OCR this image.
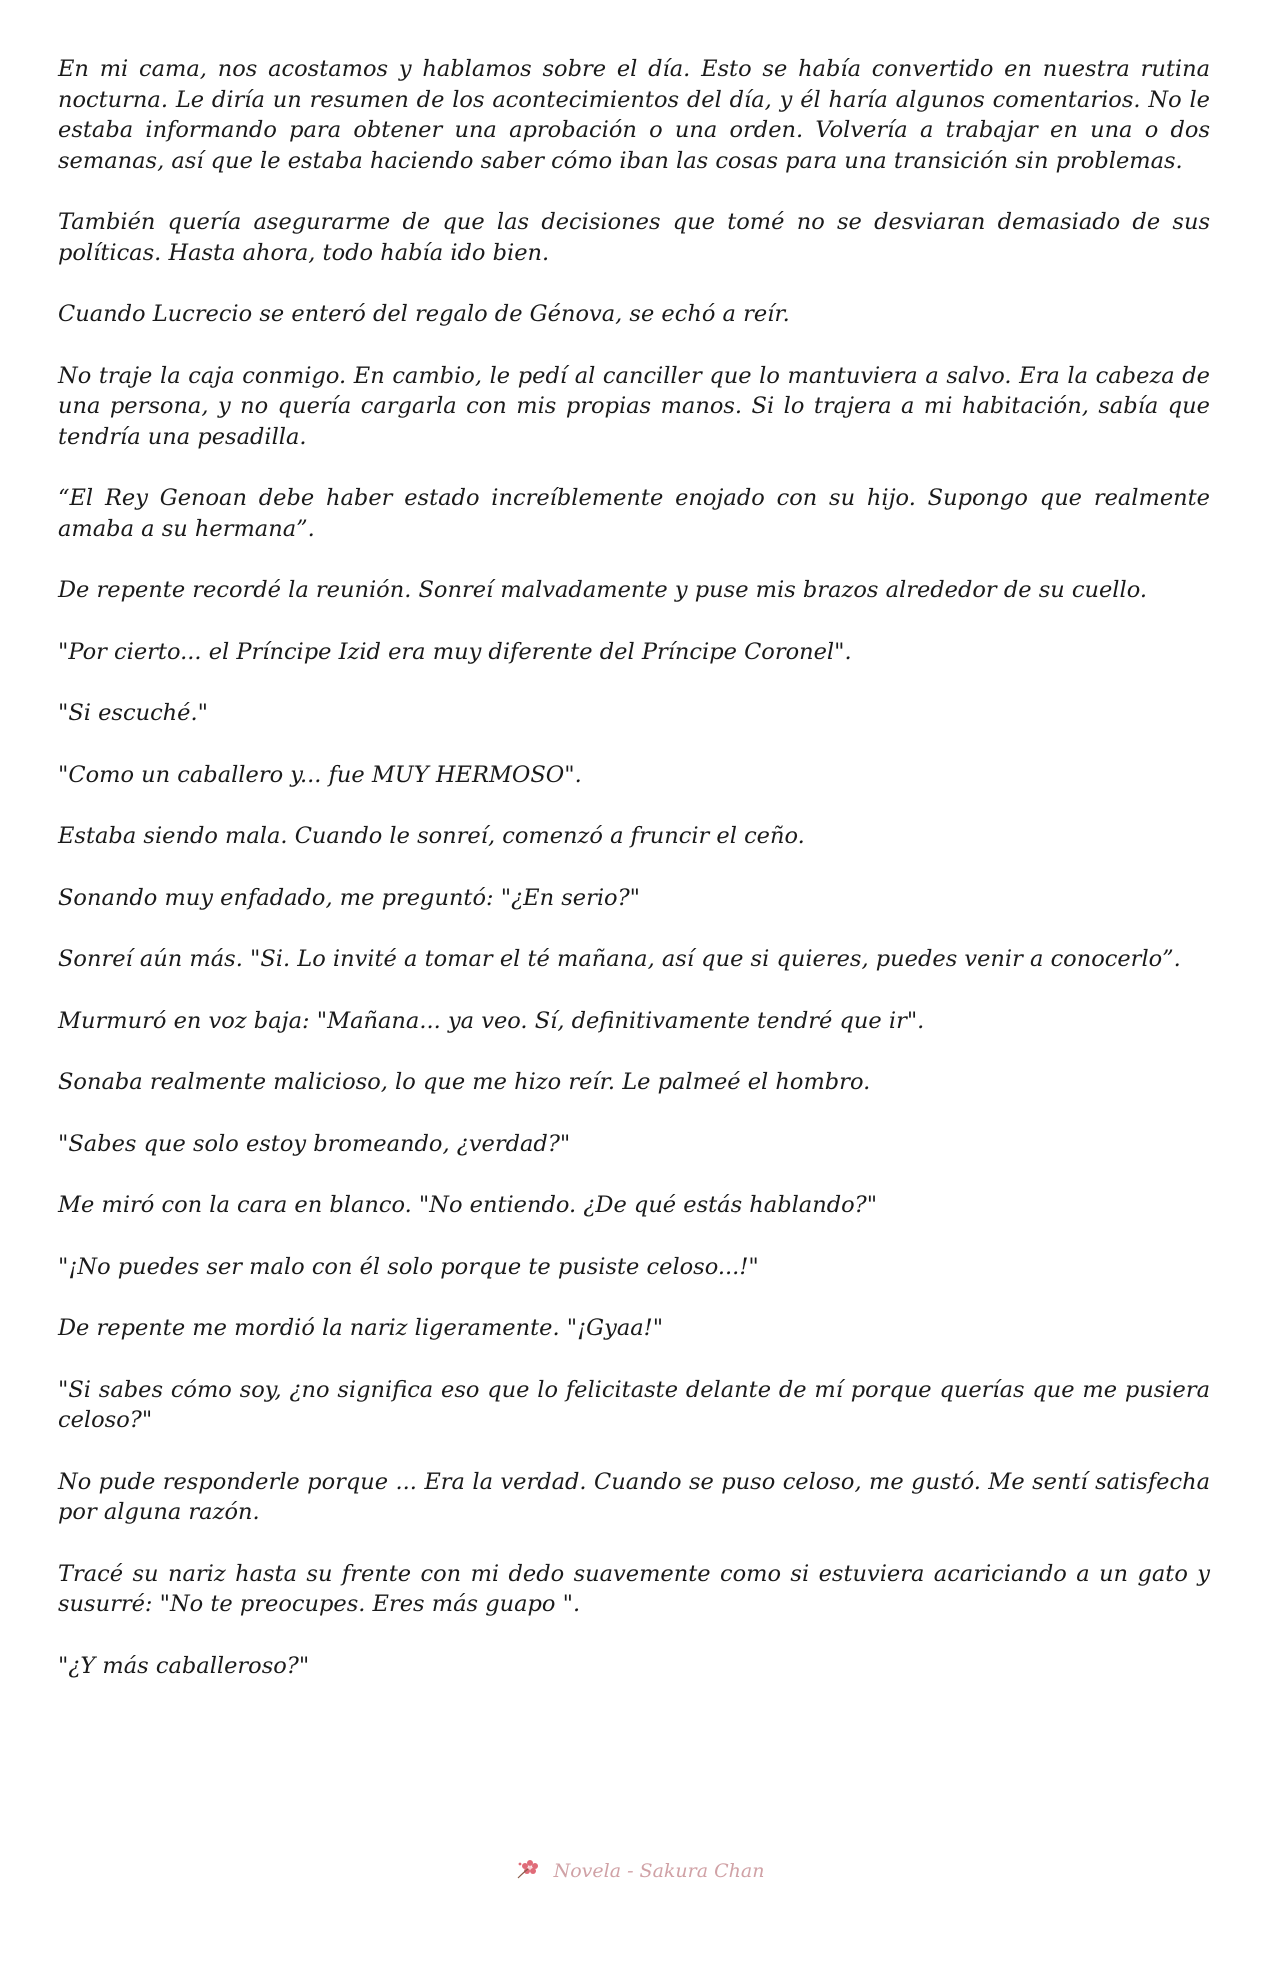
En mi cama, nos acostamos y hablamos sobre el día. Esto se había convertido en nuestra rutina nocturna. Le diría un resumen de los acontecimientos del día, y él haría algunos comentarios. No le estaba informando para obtener una aprobación o una orden. Volvería a trabajar en una o dos semanas, así que le estaba haciendo saber cómo iban las cosas para una transición sin problemas.

También quería asegurarme de que las decisiones que tomé no se desviaran demasiado de sus políticas. Hasta ahora, todo había ido bien.

Cuando Lucrecio se enteró del regalo de Génova, se echó a reír.

No traje la caja conmigo. En cambio, le pedí al canciller que lo mantuviera a salvo. Era la cabeza de una persona, y no quería cargarla con mis propias manos. Si lo trajera a mi habitación, sabía que tendría una pesadilla.

“El Rey Genoan debe haber estado increíblemente enojado con su hijo. Supongo que realmente amaba a su hermana”.

De repente recordé la reunión. Sonreí malvadamente y puse mis brazos alrededor de su cuello.

"Por cierto... el Príncipe Izid era muy diferente del Príncipe Coronel".

"Si escuché."

"Como un caballero y... fue MUY HERMOSO".

Estaba siendo mala. Cuando le sonreí, comenzó a fruncir el ceño.

Sonando muy enfadado, me preguntó: "¿En serio?"

Sonreí aún más. "Si. Lo invité a tomar el té mañana, así que si quieres, puedes venir a conocerlo”.

Murmuró en voz baja: "Mañana... ya veo. Sí, definitivamente tendré que ir".

Sonaba realmente malicioso, lo que me hizo reír. Le palmeé el hombro.

"Sabes que solo estoy bromeando, ¿verdad?"

Me miró con la cara en blanco. "No entiendo. ¿De qué estás hablando?"

"¡No puedes ser malo con él solo porque te pusiste celoso...!"

De repente me mordió la nariz ligeramente. "¡Gyaa!"

"Si sabes cómo soy, ¿no significa eso que lo felicitaste delante de mí porque querías que me pusiera celoso?"

No pude responderle porque ... Era la verdad. Cuando se puso celoso, me gustó. Me sentí satisfecha por alguna razón.

Tracé su nariz hasta su frente con mi dedo suavemente como si estuviera acariciando a un gato y susurré: "No te preocupes. Eres más guapo ".

"¿Y más caballeroso?"

Novela - Sakura Chan
